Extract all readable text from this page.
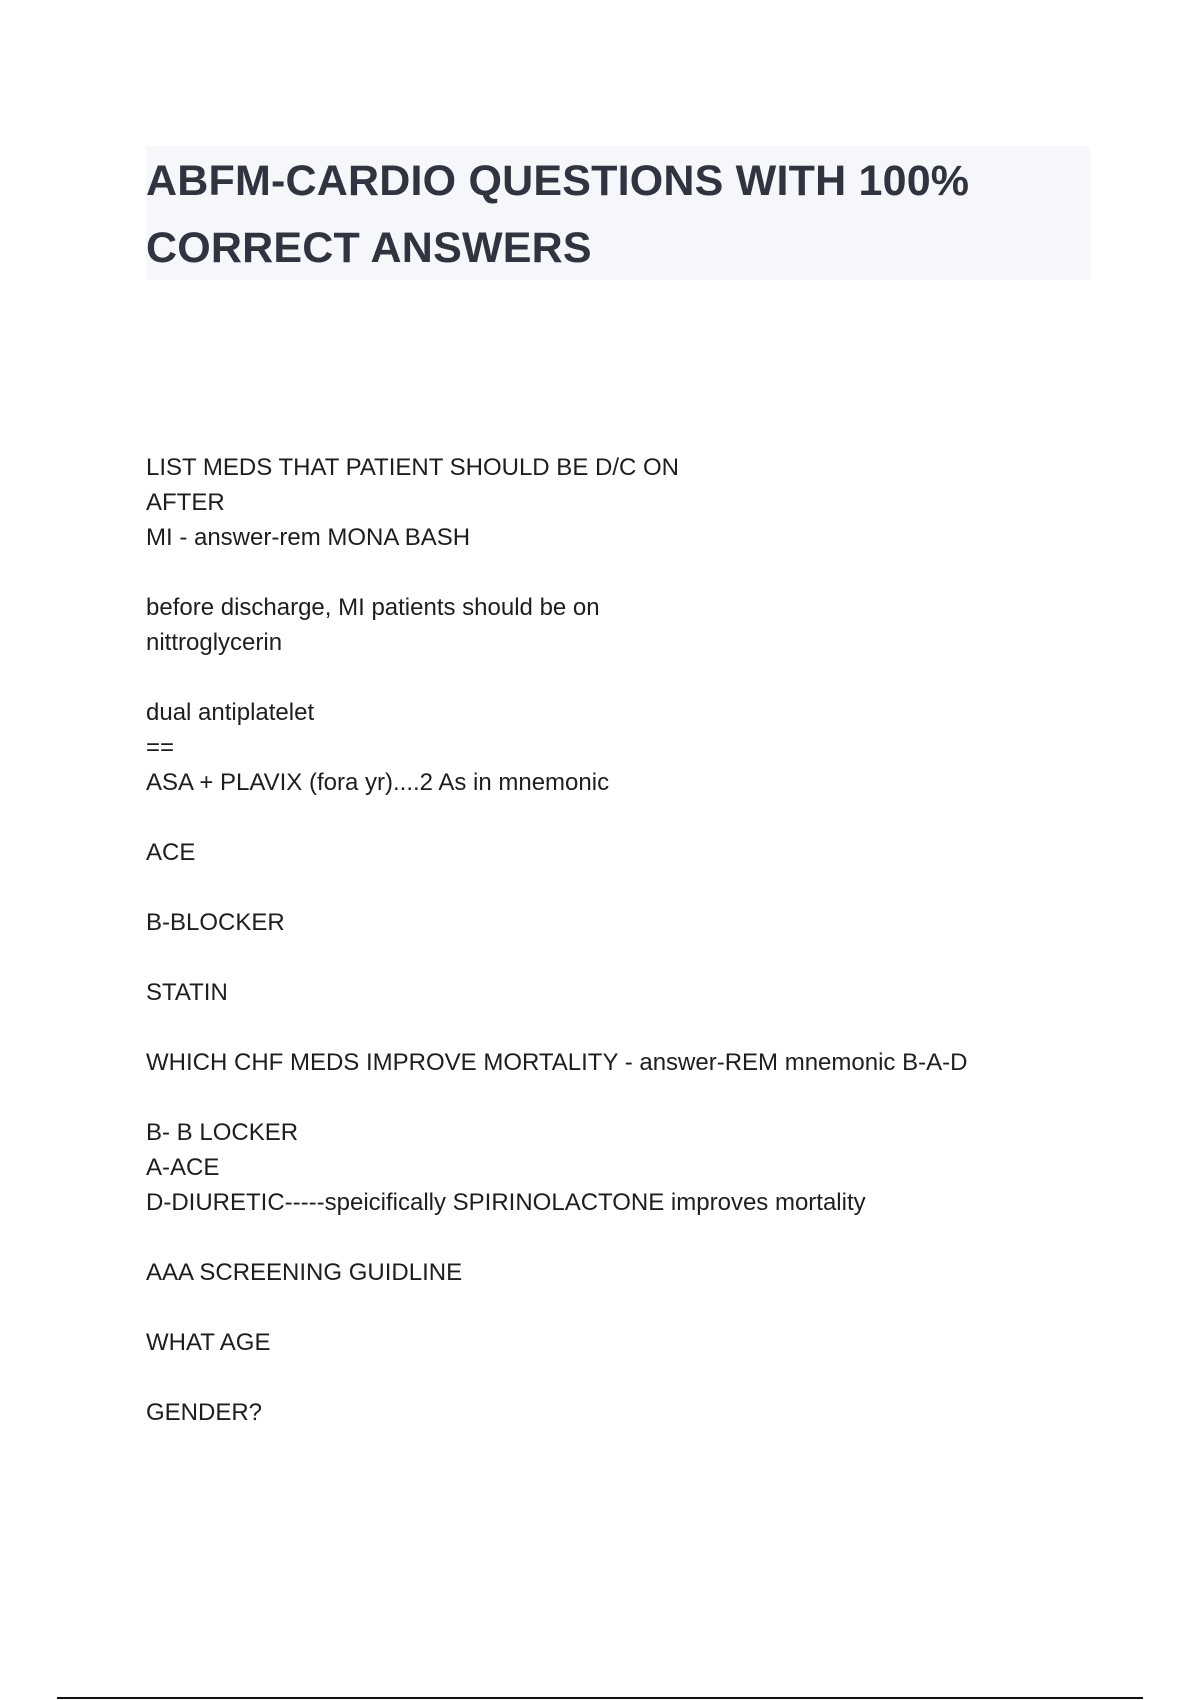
ABFM-CARDIO QUESTIONS WITH 100%
CORRECT ANSWERS
LIST MEDS THAT PATIENT SHOULD BE D/C ON
AFTER
MI - answer-rem MONA BASH
before discharge, MI patients should be on
nittroglycerin
dual antiplatelet
==
ASA + PLAVIX (fora yr)....2 As in mnemonic
ACE
B-BLOCKER
STATIN
WHICH CHF MEDS IMPROVE MORTALITY - answer-REM mnemonic B-A-D
B- B LOCKER
A-ACE
D-DIURETIC-----speicifically SPIRINOLACTONE improves mortality
AAA SCREENING GUIDLINE
WHAT AGE
GENDER?
